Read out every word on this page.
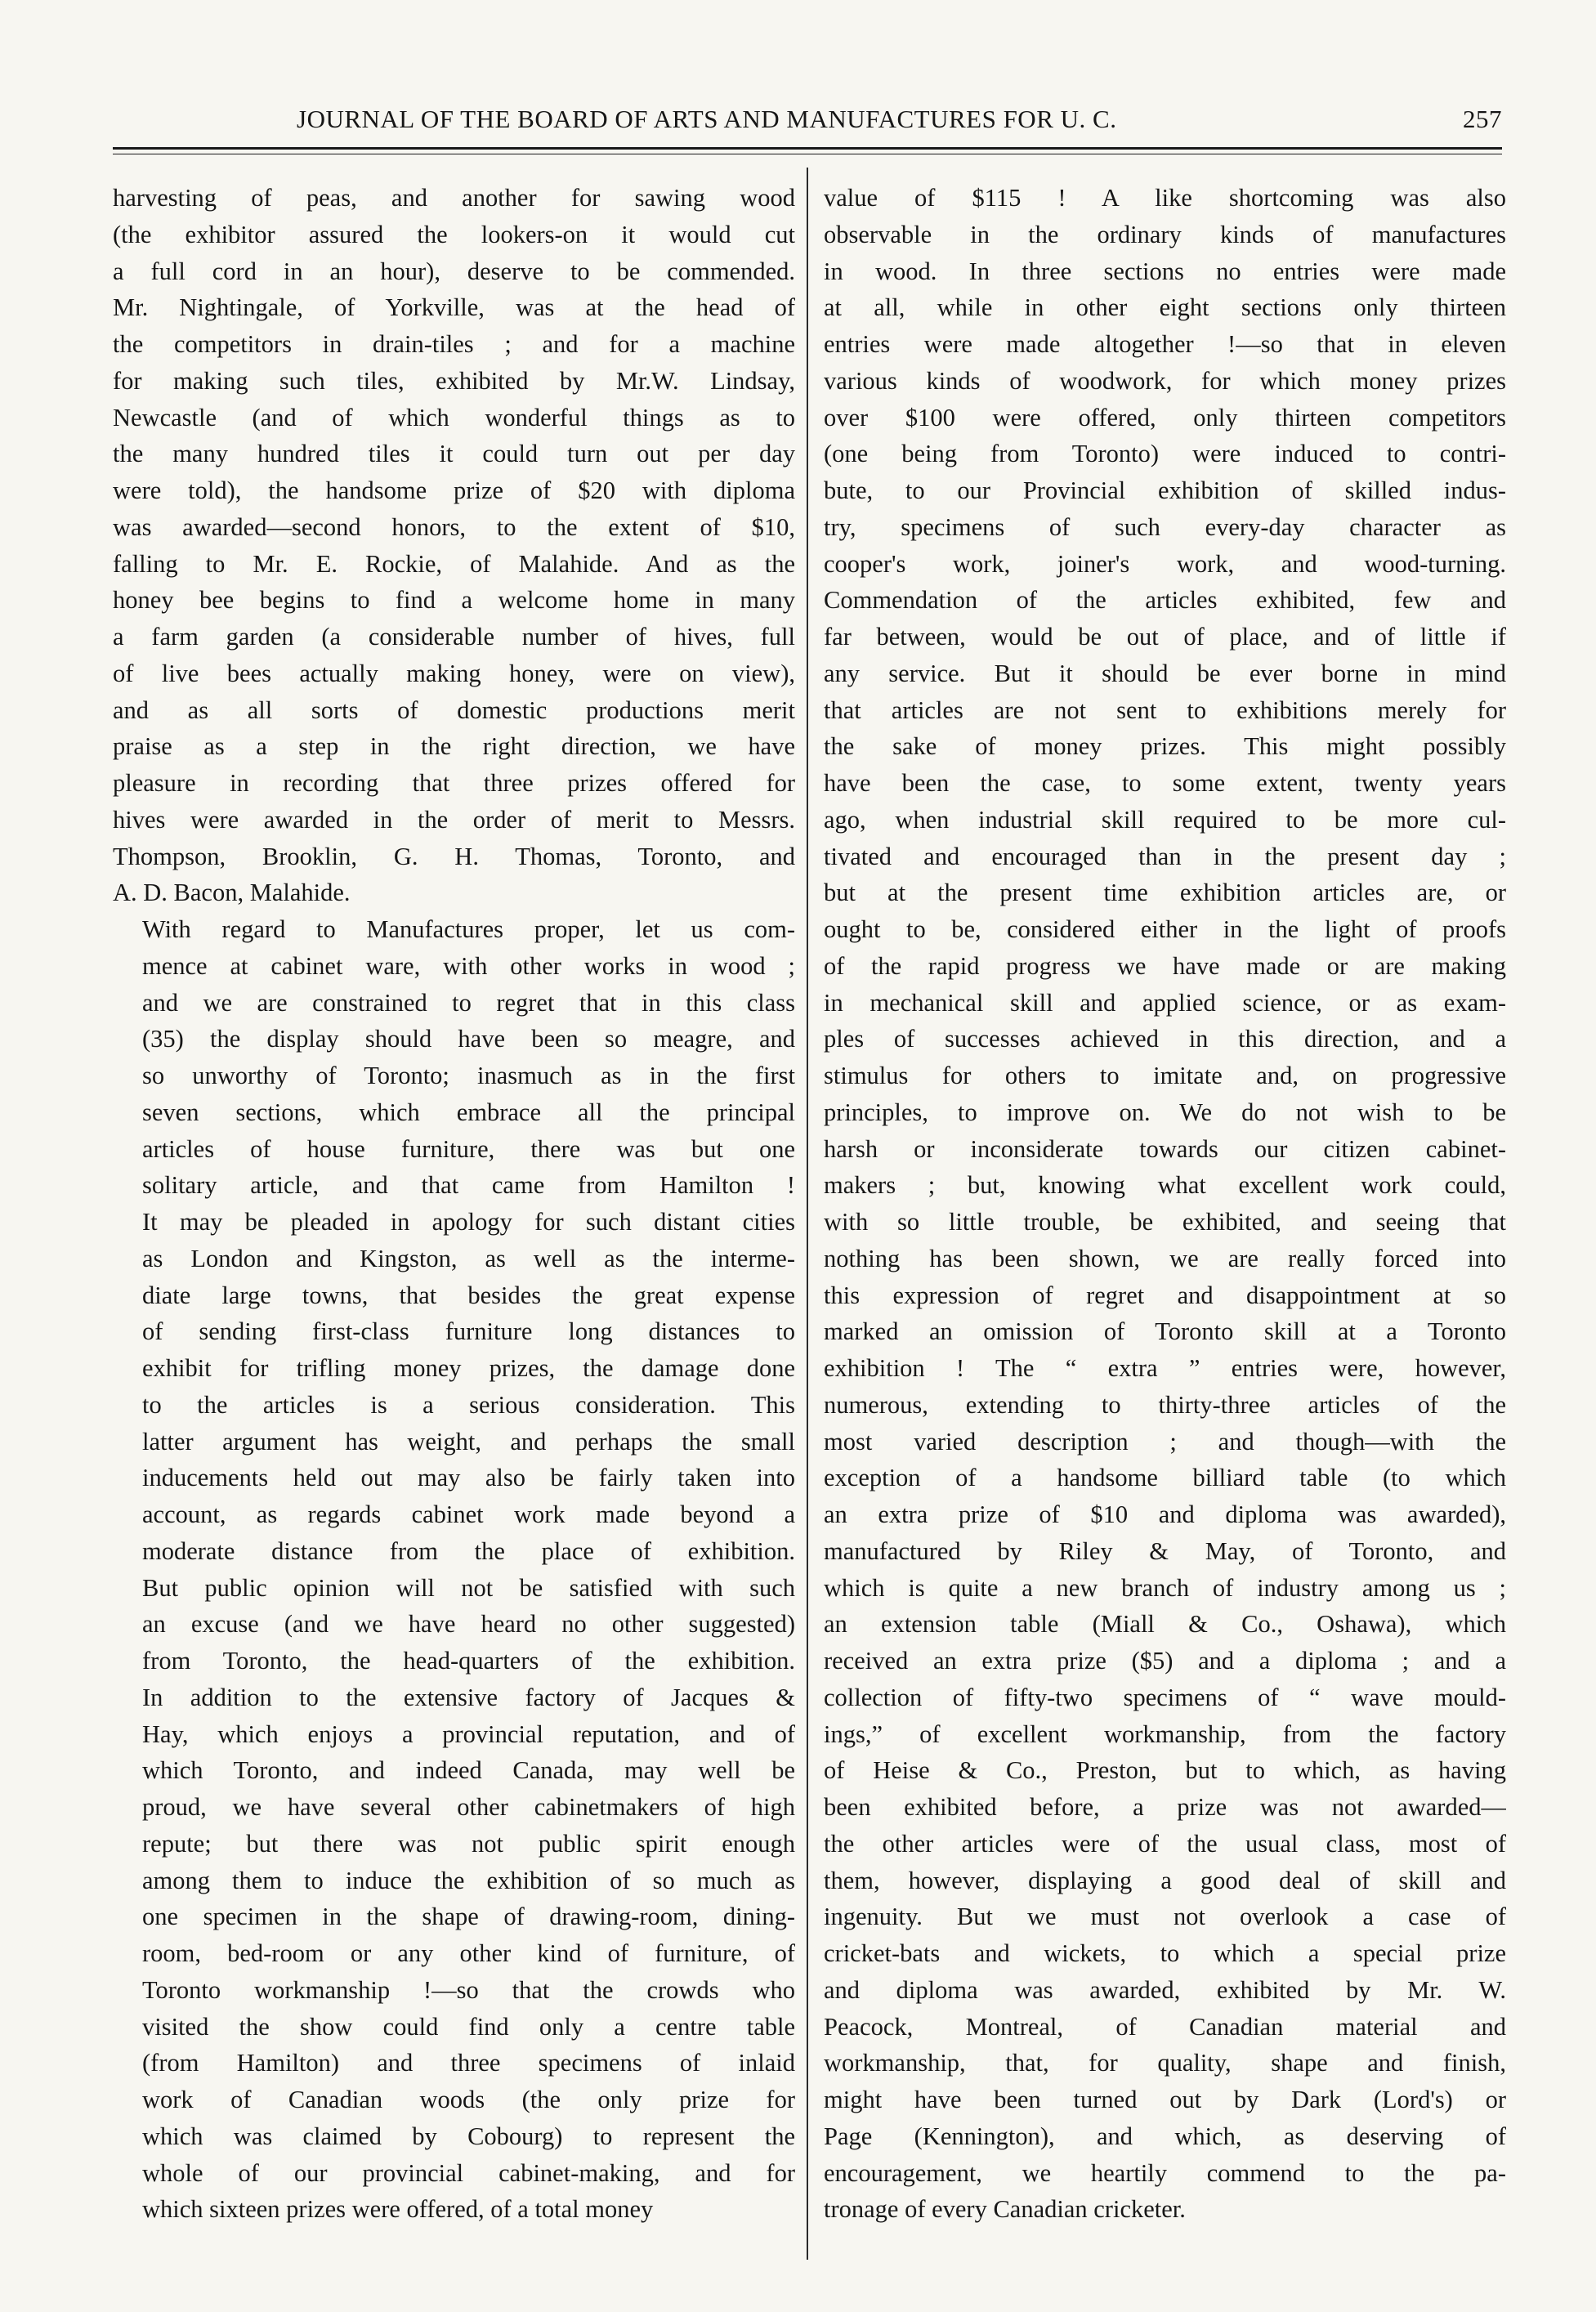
JOURNAL OF THE BOARD OF ARTS AND MANUFACTURES FOR U. C.	257

harvesting of peas, and another for sawing wood
(the exhibitor assured the lookers-on it would cut
a full cord in an hour), deserve to be commended.
Mr. Nightingale, of Yorkville, was at the head of
the competitors in drain-tiles ; and for a machine
for making such tiles, exhibited by Mr.W. Lindsay,
Newcastle (and of which wonderful things as to
the many hundred tiles it could turn out per day
were told), the handsome prize of $20 with diploma
was awarded—second honors, to the extent of $10,
falling to Mr. E. Rockie, of Malahide. And as the
honey bee begins to find a welcome home in many
a farm garden (a considerable number of hives, full
of live bees actually making honey, were on view),
and as all sorts of domestic productions merit
praise as a step in the right direction, we have
pleasure in recording that three prizes offered for
hives were awarded in the order of merit to Messrs.
Thompson, Brooklin, G. H. Thomas, Toronto, and
A. D. Bacon, Malahide.

With regard to Manufactures proper, let us com-
mence at cabinet ware, with other works in wood ;
and we are constrained to regret that in this class
(35) the display should have been so meagre, and
so unworthy of Toronto; inasmuch as in the first
seven sections, which embrace all the principal
articles of house furniture, there was but one
solitary article, and that came from Hamilton !
It may be pleaded in apology for such distant cities
as London and Kingston, as well as the interme-
diate large towns, that besides the great expense
of sending first-class furniture long distances to
exhibit for trifling money prizes, the damage done
to the articles is a serious consideration. This
latter argument has weight, and perhaps the small
inducements held out may also be fairly taken into
account, as regards cabinet work made beyond a
moderate distance from the place of exhibition.
But public opinion will not be satisfied with such
an excuse (and we have heard no other suggested)
from Toronto, the head-quarters of the exhibition.
In addition to the extensive factory of Jacques &
Hay, which enjoys a provincial reputation, and of
which Toronto, and indeed Canada, may well be
proud, we have several other cabinetmakers of high
repute; but there was not public spirit enough
among them to induce the exhibition of so much as
one specimen in the shape of drawing-room, dining-
room, bed-room or any other kind of furniture, of
Toronto workmanship !—so that the crowds who
visited the show could find only a centre table
(from Hamilton) and three specimens of inlaid
work of Canadian woods (the only prize for
which was claimed by Cobourg) to represent the
whole of our provincial cabinet-making, and for
which sixteen prizes were offered, of a total money

value of $115 ! A like shortcoming was also
observable in the ordinary kinds of manufactures
in wood. In three sections no entries were made
at all, while in other eight sections only thirteen
entries were made altogether !—so that in eleven
various kinds of woodwork, for which money prizes
over $100 were offered, only thirteen competitors
(one being from Toronto) were induced to contri-
bute, to our Provincial exhibition of skilled indus-
try, specimens of such every-day character as
cooper's work, joiner's work, and wood-turning.
Commendation of the articles exhibited, few and
far between, would be out of place, and of little if
any service. But it should be ever borne in mind
that articles are not sent to exhibitions merely for
the sake of money prizes. This might possibly
have been the case, to some extent, twenty years
ago, when industrial skill required to be more cul-
tivated and encouraged than in the present day ;
but at the present time exhibition articles are, or
ought to be, considered either in the light of proofs
of the rapid progress we have made or are making
in mechanical skill and applied science, or as exam-
ples of successes achieved in this direction, and a
stimulus for others to imitate and, on progressive
principles, to improve on. We do not wish to be
harsh or inconsiderate towards our citizen cabinet-
makers ; but, knowing what excellent work could,
with so little trouble, be exhibited, and seeing that
nothing has been shown, we are really forced into
this expression of regret and disappointment at so
marked an omission of Toronto skill at a Toronto
exhibition ! The “ extra ” entries were, however,
numerous, extending to thirty-three articles of the
most varied description ; and though—with the
exception of a handsome billiard table (to which
an extra prize of $10 and diploma was awarded),
manufactured by Riley & May, of Toronto, and
which is quite a new branch of industry among us ;
an extension table (Miall & Co., Oshawa), which
received an extra prize ($5) and a diploma ; and a
collection of fifty-two specimens of “ wave mould-
ings,” of excellent workmanship, from the factory
of Heise & Co., Preston, but to which, as having
been exhibited before, a prize was not awarded—
the other articles were of the usual class, most of
them, however, displaying a good deal of skill and
ingenuity. But we must not overlook a case of
cricket-bats and wickets, to which a special prize
and diploma was awarded, exhibited by Mr. W.
Peacock, Montreal, of Canadian material and
workmanship, that, for quality, shape and finish,
might have been turned out by Dark (Lord's) or
Page (Kennington), and which, as deserving of
encouragement, we heartily commend to the pa-
tronage of every Canadian cricketer.
